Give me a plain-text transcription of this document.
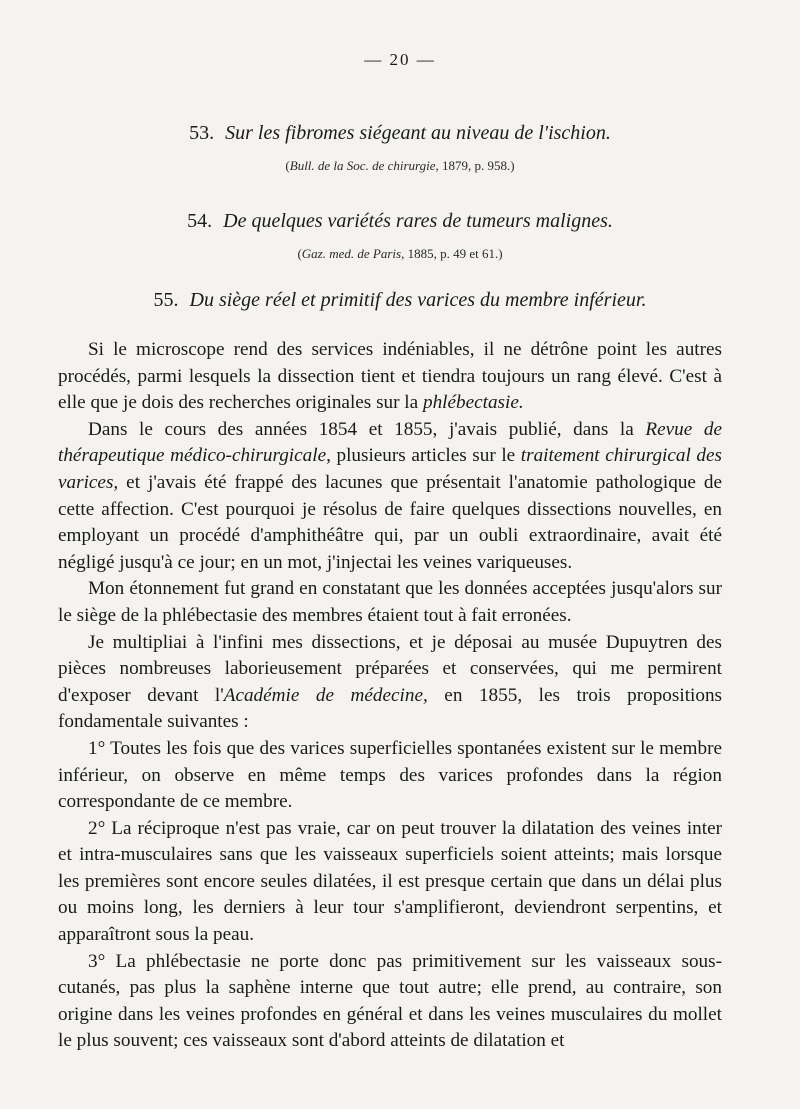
— 20 —
53. Sur les fibromes siégeant au niveau de l'ischion.
(Bull. de la Soc. de chirurgie, 1879, p. 958.)
54. De quelques variétés rares de tumeurs malignes.
(Gaz. med. de Paris, 1885, p. 49 et 61.)
55. Du siège réel et primitif des varices du membre inférieur.

Si le microscope rend des services indéniables, il ne détrône point les autres procédés, parmi lesquels la dissection tient et tiendra toujours un rang élevé. C'est à elle que je dois des recherches originales sur la phlébectasie.

Dans le cours des années 1854 et 1855, j'avais publié, dans la Revue de thérapeutique médico-chirurgicale, plusieurs articles sur le traitement chirurgical des varices, et j'avais été frappé des lacunes que présentait l'anatomie pathologique de cette affection. C'est pourquoi je résolus de faire quelques dissections nouvelles, en employant un procédé d'amphithéâtre qui, par un oubli extraordinaire, avait été négligé jusqu'à ce jour; en un mot, j'injectai les veines variqueuses.

Mon étonnement fut grand en constatant que les données acceptées jusqu'alors sur le siège de la phlébectasie des membres étaient tout à fait erronées.

Je multipliai à l'infini mes dissections, et je déposai au musée Dupuytren des pièces nombreuses laborieusement préparées et conservées, qui me permirent d'exposer devant l'Académie de médecine, en 1855, les trois propositions fondamentale suivantes :

1° Toutes les fois que des varices superficielles spontanées existent sur le membre inférieur, on observe en même temps des varices profondes dans la région correspondante de ce membre.

2° La réciproque n'est pas vraie, car on peut trouver la dilatation des veines inter et intra-musculaires sans que les vaisseaux superficiels soient atteints; mais lorsque les premières sont encore seules dilatées, il est presque certain que dans un délai plus ou moins long, les derniers à leur tour s'amplifieront, deviendront serpentins, et apparaîtront sous la peau.

3° La phlébectasie ne porte donc pas primitivement sur les vaisseaux sous-cutanés, pas plus la saphène interne que tout autre; elle prend, au contraire, son origine dans les veines profondes en général et dans les veines musculaires du mollet le plus souvent; ces vaisseaux sont d'abord atteints de dilatation et
